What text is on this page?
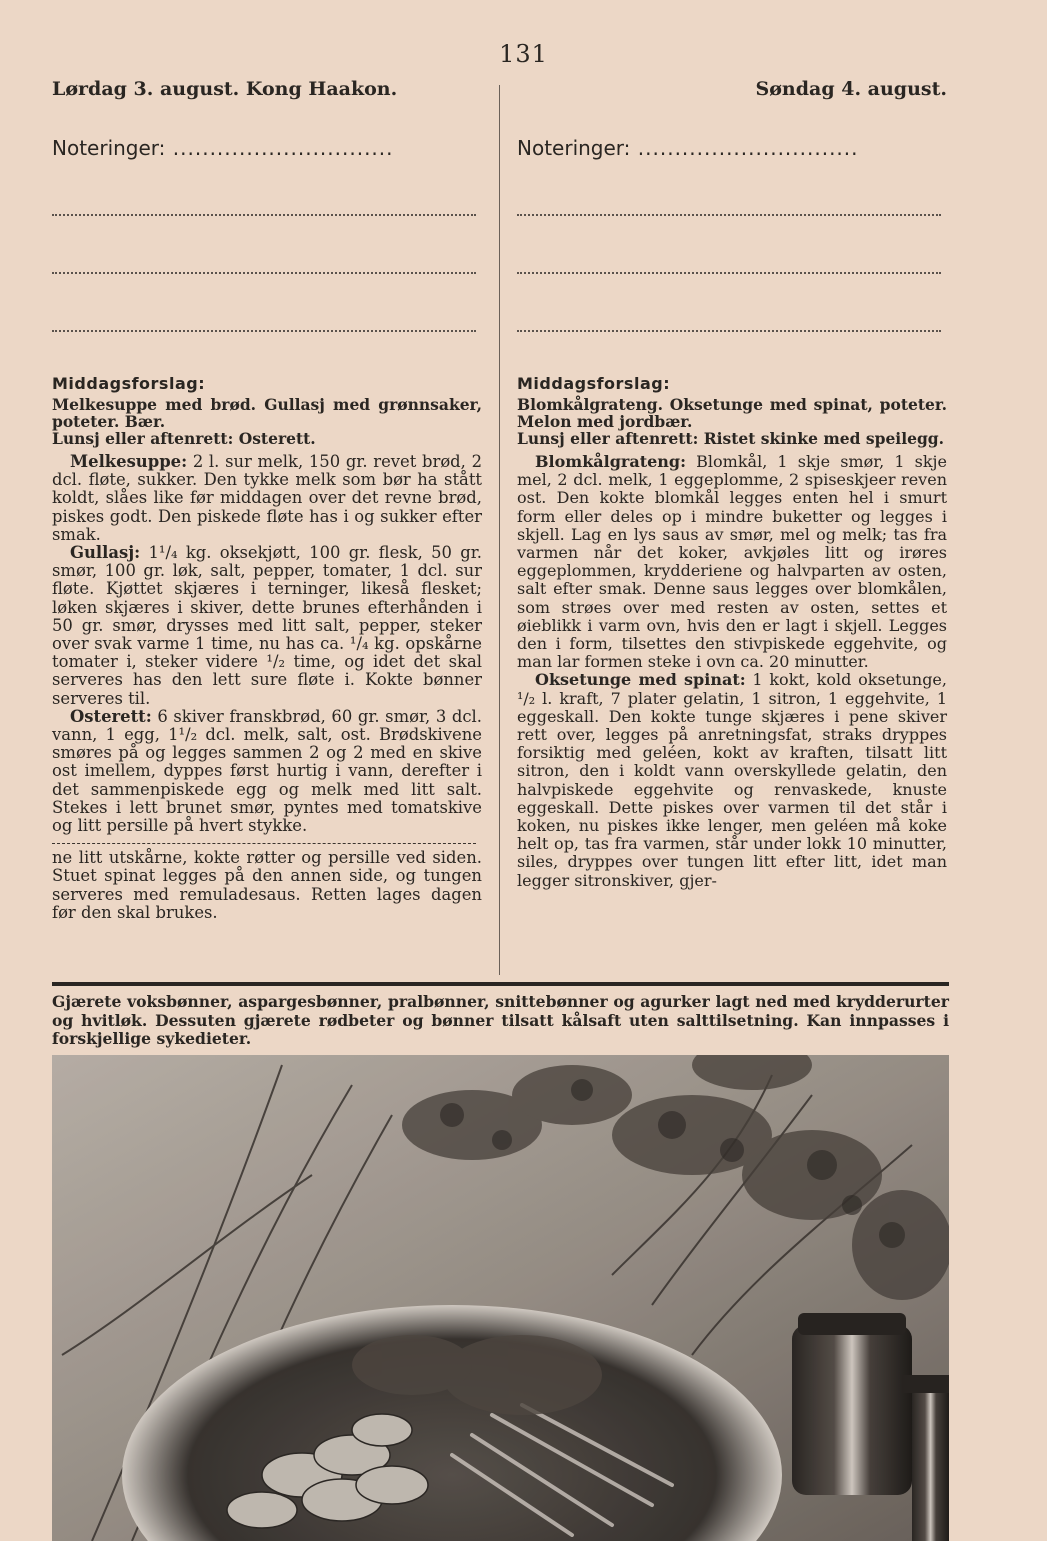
131
Lørdag 3. august. Kong Haakon.
Noteringer: ..............................
Middagsforslag:
Melkesuppe med brød. Gullasj med grønnsaker, poteter. Bær.
Lunsj eller aftenrett: Osterett.

Melkesuppe: 2 l. sur melk, 150 gr. revet brød, 2 dcl. fløte, sukker. Den tykke melk som bør ha stått koldt, slåes like før middagen over det revne brød, piskes godt. Den piskede fløte has i og sukker efter smak.

Gullasj: 1¹/₄ kg. oksekjøtt, 100 gr. flesk, 50 gr. smør, 100 gr. løk, salt, pepper, tomater, 1 dcl. sur fløte. Kjøttet skjæres i terninger, likeså flesket; løken skjæres i skiver, dette brunes efterhånden i 50 gr. smør, drysses med litt salt, pepper, steker over svak varme 1 time, nu has ca. ¹/₄ kg. opskårne tomater i, steker videre ¹/₂ time, og idet det skal serveres has den lett sure fløte i. Kokte bønner serveres til.

Osterett: 6 skiver franskbrød, 60 gr. smør, 3 dcl. vann, 1 egg, 1¹/₂ dcl. melk, salt, ost. Brødskivene smøres på og legges sammen 2 og 2 med en skive ost imellem, dyppes først hurtig i vann, derefter i det sammenpiskede egg og melk med litt salt. Stekes i lett brunet smør, pyntes med tomatskive og litt persille på hvert stykke.

ne litt utskårne, kokte røtter og persille ved siden. Stuet spinat legges på den annen side, og tungen serveres med remuladesaus. Retten lages dagen før den skal brukes.
Søndag 4. august.
Noteringer: ..............................
Middagsforslag:
Blomkålgrateng. Oksetunge med spinat, poteter. Melon med jordbær.
Lunsj eller aftenrett: Ristet skinke med speilegg.

Blomkålgrateng: Blomkål, 1 skje smør, 1 skje mel, 2 dcl. melk, 1 eggeplomme, 2 spiseskjeer reven ost. Den kokte blomkål legges enten hel i smurt form eller deles op i mindre buketter og legges i skjell. Lag en lys saus av smør, mel og melk; tas fra varmen når det koker, avkjøles litt og irøres eggeplommen, krydderiene og halvparten av osten, salt efter smak. Denne saus legges over blomkålen, som strøes over med resten av osten, settes et øieblikk i varm ovn, hvis den er lagt i skjell. Legges den i form, tilsettes den stivpiskede eggehvite, og man lar formen steke i ovn ca. 20 minutter.

Oksetunge med spinat: 1 kokt, kold oksetunge, ¹/₂ l. kraft, 7 plater gelatin, 1 sitron, 1 eggehvite, 1 eggeskall. Den kokte tunge skjæres i pene skiver rett over, legges på anretningsfat, straks dryppes forsiktig med geléen, kokt av kraften, tilsatt litt sitron, den i koldt vann overskyllede gelatin, den halvpiskede eggehvite og renvaskede, knuste eggeskall. Dette piskes over varmen til det står i koken, nu piskes ikke lenger, men geléen må koke helt op, tas fra varmen, står under lokk 10 minutter, siles, dryppes over tungen litt efter litt, idet man legger sitronskiver, gjer-

Gjærete voksbønner, aspargesbønner, pralbønner, snittebønner og agurker lagt ned med krydderurter og hvitløk. Dessuten gjærete rødbeter og bønner tilsatt kålsaft uten salttilsetning. Kan innpasses i forskjellige sykedieter.
